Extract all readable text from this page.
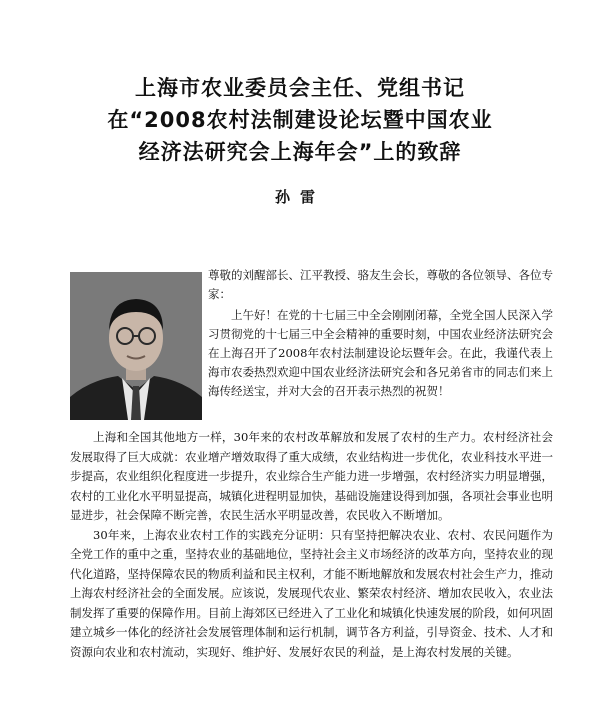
上海市农业委员会主任、党组书记
在“2008农村法制建设论坛暨中国农业
经济法研究会上海年会”上的致辞
孙雷
尊敬的刘醒部长、江平教授、骆友生会长，尊敬的各位领导、各位专家：
上午好！在党的十七届三中全会刚刚闭幕，全党全国人民深入学习贯彻党的十七届三中全会精神的重要时刻，中国农业经济法研究会在上海召开了2008年农村法制建设论坛暨年会。在此，我谨代表上海市农委热烈欢迎中国农业经济法研究会和各兄弟省市的同志们来上海传经送宝，并对大会的召开表示热烈的祝贺！

上海和全国其他地方一样，30年来的农村改革解放和发展了农村的生产力。农村经济社会发展取得了巨大成就：农业增产增效取得了重大成绩，农业结构进一步优化，农业科技水平进一步提高，农业组织化程度进一步提升，农业综合生产能力进一步增强，农村经济实力明显增强，农村的工业化水平明显提高，城镇化进程明显加快，基础设施建设得到加强，各项社会事业也明显进步，社会保障不断完善，农民生活水平明显改善，农民收入不断增加。

30年来，上海农业农村工作的实践充分证明：只有坚持把解决农业、农村、农民问题作为全党工作的重中之重，坚持农业的基础地位，坚持社会主义市场经济的改革方向，坚持农业的现代化道路，坚持保障农民的物质利益和民主权利，才能不断地解放和发展农村社会生产力，推动上海农村经济社会的全面发展。应该说，发展现代农业、繁荣农村经济、增加农民收入，农业法制发挥了重要的保障作用。目前上海郊区已经进入了工业化和城镇化快速发展的阶段，如何巩固建立城乡一体化的经济社会发展管理体制和运行机制，调节各方利益，引导资金、技术、人才和资源向农业和农村流动，实现好、维护好、发展好农民的利益，是上海农村发展的关键。
